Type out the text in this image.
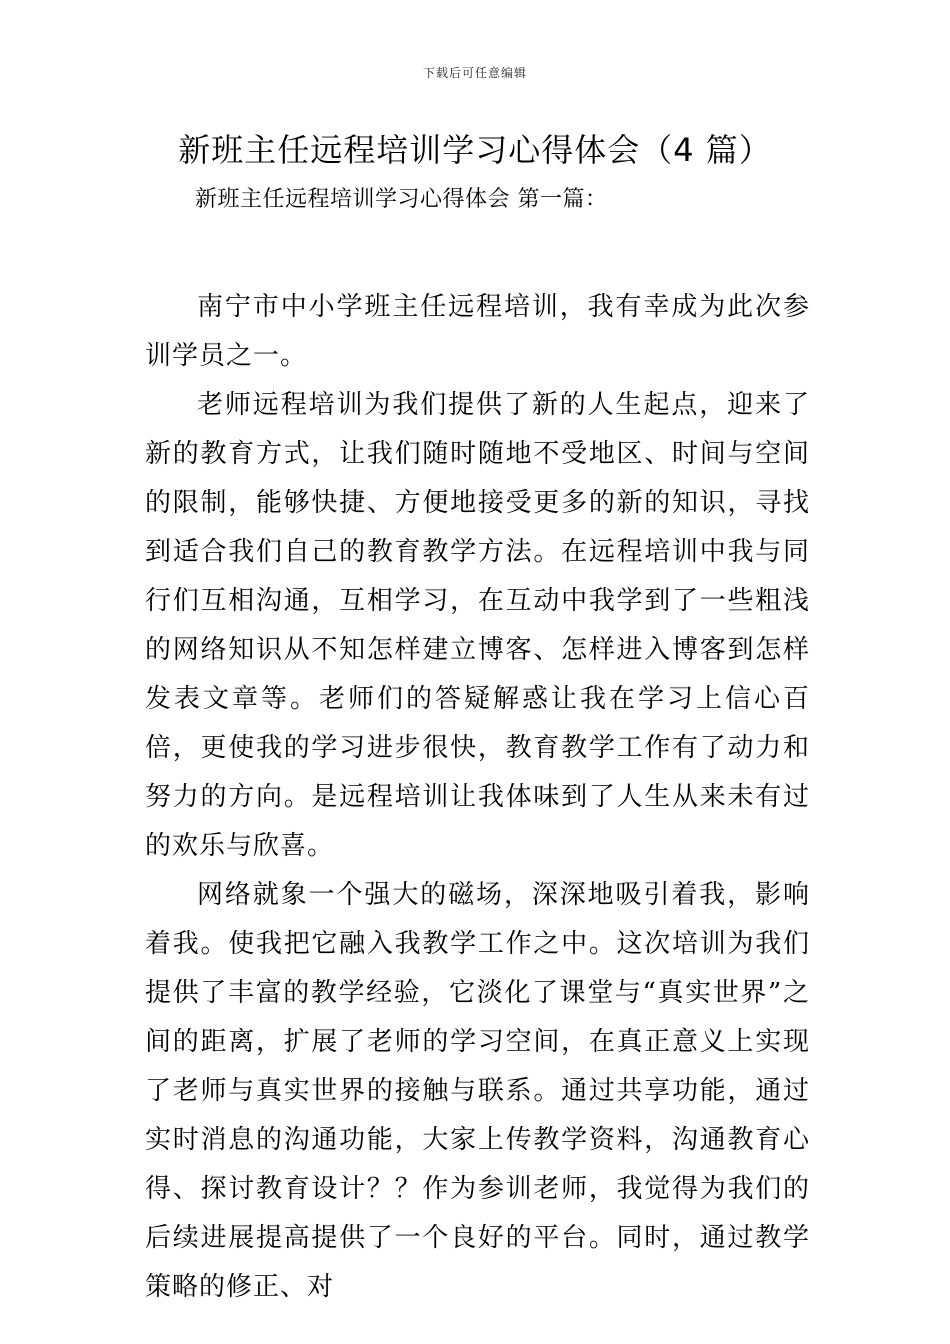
下载后可任意编辑
新班主任远程培训学习心得体会（4 篇）
新班主任远程培训学习心得体会 第一篇：

南宁市中小学班主任远程培训，我有幸成为此次参训学员之一。

老师远程培训为我们提供了新的人生起点，迎来了新的教育方式，让我们随时随地不受地区、时间与空间的限制，能够快捷、方便地接受更多的新的知识，寻找到适合我们自己的教育教学方法。在远程培训中我与同行们互相沟通，互相学习，在互动中我学到了一些粗浅的网络知识从不知怎样建立博客、怎样进入博客到怎样发表文章等。老师们的答疑解惑让我在学习上信心百倍，更使我的学习进步很快，教育教学工作有了动力和努力的方向。是远程培训让我体味到了人生从来未有过的欢乐与欣喜。

网络就象一个强大的磁场，深深地吸引着我，影响着我。使我把它融入我教学工作之中。这次培训为我们提供了丰富的教学经验，它淡化了课堂与“真实世界”之间的距离，扩展了老师的学习空间，在真正意义上实现了老师与真实世界的接触与联系。通过共享功能，通过实时消息的沟通功能，大家上传教学资料，沟通教育心得、探讨教育设计？？作为参训老师，我觉得为我们的后续进展提高提供了一个良好的平台。同时，通过教学策略的修正、对
